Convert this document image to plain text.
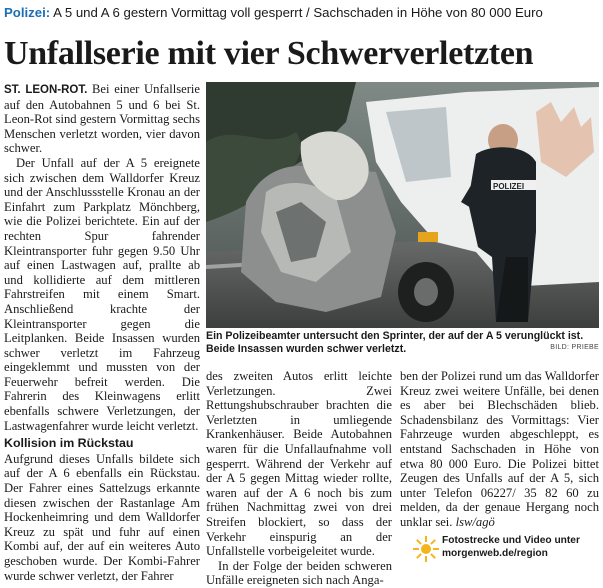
Polizei: A 5 und A 6 gestern Vormittag voll gesperrt / Sachschaden in Höhe von 80 000 Euro
Unfallserie mit vier Schwerverletzten

ST. LEON-ROT. Bei einer Unfallserie auf den Autobahnen 5 und 6 bei St. Leon-Rot sind gestern Vormittag sechs Menschen verletzt worden, vier davon schwer.

Der Unfall auf der A 5 ereignete sich zwischen dem Walldorfer Kreuz und der Anschlussstelle Kronau an der Einfahrt zum Parkplatz Mönchberg, wie die Polizei berichtete. Ein auf der rechten Spur fahrender Kleintransporter fuhr gegen 9.50 Uhr auf einen Lastwagen auf, prallte ab und kollidierte auf dem mittleren Fahrstreifen mit einem Smart. Anschließend krachte der Kleintransporter gegen die Leitplanken. Beide Insassen wurden schwer verletzt im Fahrzeug eingeklemmt und mussten von der Feuerwehr befreit werden. Die Fahrerin des Kleinwagens erlitt ebenfalls schwere Verletzungen, der Lastwagenfahrer wurde leicht verletzt.

Kollision im Rückstau

Aufgrund dieses Unfalls bildete sich auf der A 6 ebenfalls ein Rückstau. Der Fahrer eines Sattelzugs erkannte diesen zwischen der Rastanlage Am Hockenheimring und dem Walldorfer Kreuz zu spät und fuhr auf einen Kombi auf, der auf ein weiteres Auto geschoben wurde. Der Kombi-Fahrer wurde schwer verletzt, der Fahrer

POLIZEI
Ein Polizeibeamter untersucht den Sprinter, der auf der A 5 verunglückt ist. Beide Insassen wurden schwer verletzt.	BILD: PRIEBE

des zweiten Autos erlitt leichte Verletzungen. Zwei Rettungshubschrauber brachten die Verletzten in umliegende Krankenhäuser. Beide Autobahnen waren für die Unfallaufnahme voll gesperrt. Während der Verkehr auf der A 5 gegen Mittag wieder rollte, waren auf der A 6 noch bis zum frühen Nachmittag zwei von drei Streifen blockiert, so dass der Verkehr einspurig an der Unfallstelle vorbeigeleitet wurde.

In der Folge der beiden schweren Unfälle ereigneten sich nach Anga-

ben der Polizei rund um das Walldorfer Kreuz zwei weitere Unfälle, bei denen es aber bei Blechschäden blieb. Schadensbilanz des Vormittags: Vier Fahrzeuge wurden abgeschleppt, es entstand Sachschaden in Höhe von etwa 80 000 Euro. Die Polizei bittet Zeugen des Unfalls auf der A 5, sich unter Telefon 06227/ 35 82 60 zu melden, da der genaue Hergang noch unklar sei. lsw/agö

Fotostrecke und Video unter
morgenweb.de/region
